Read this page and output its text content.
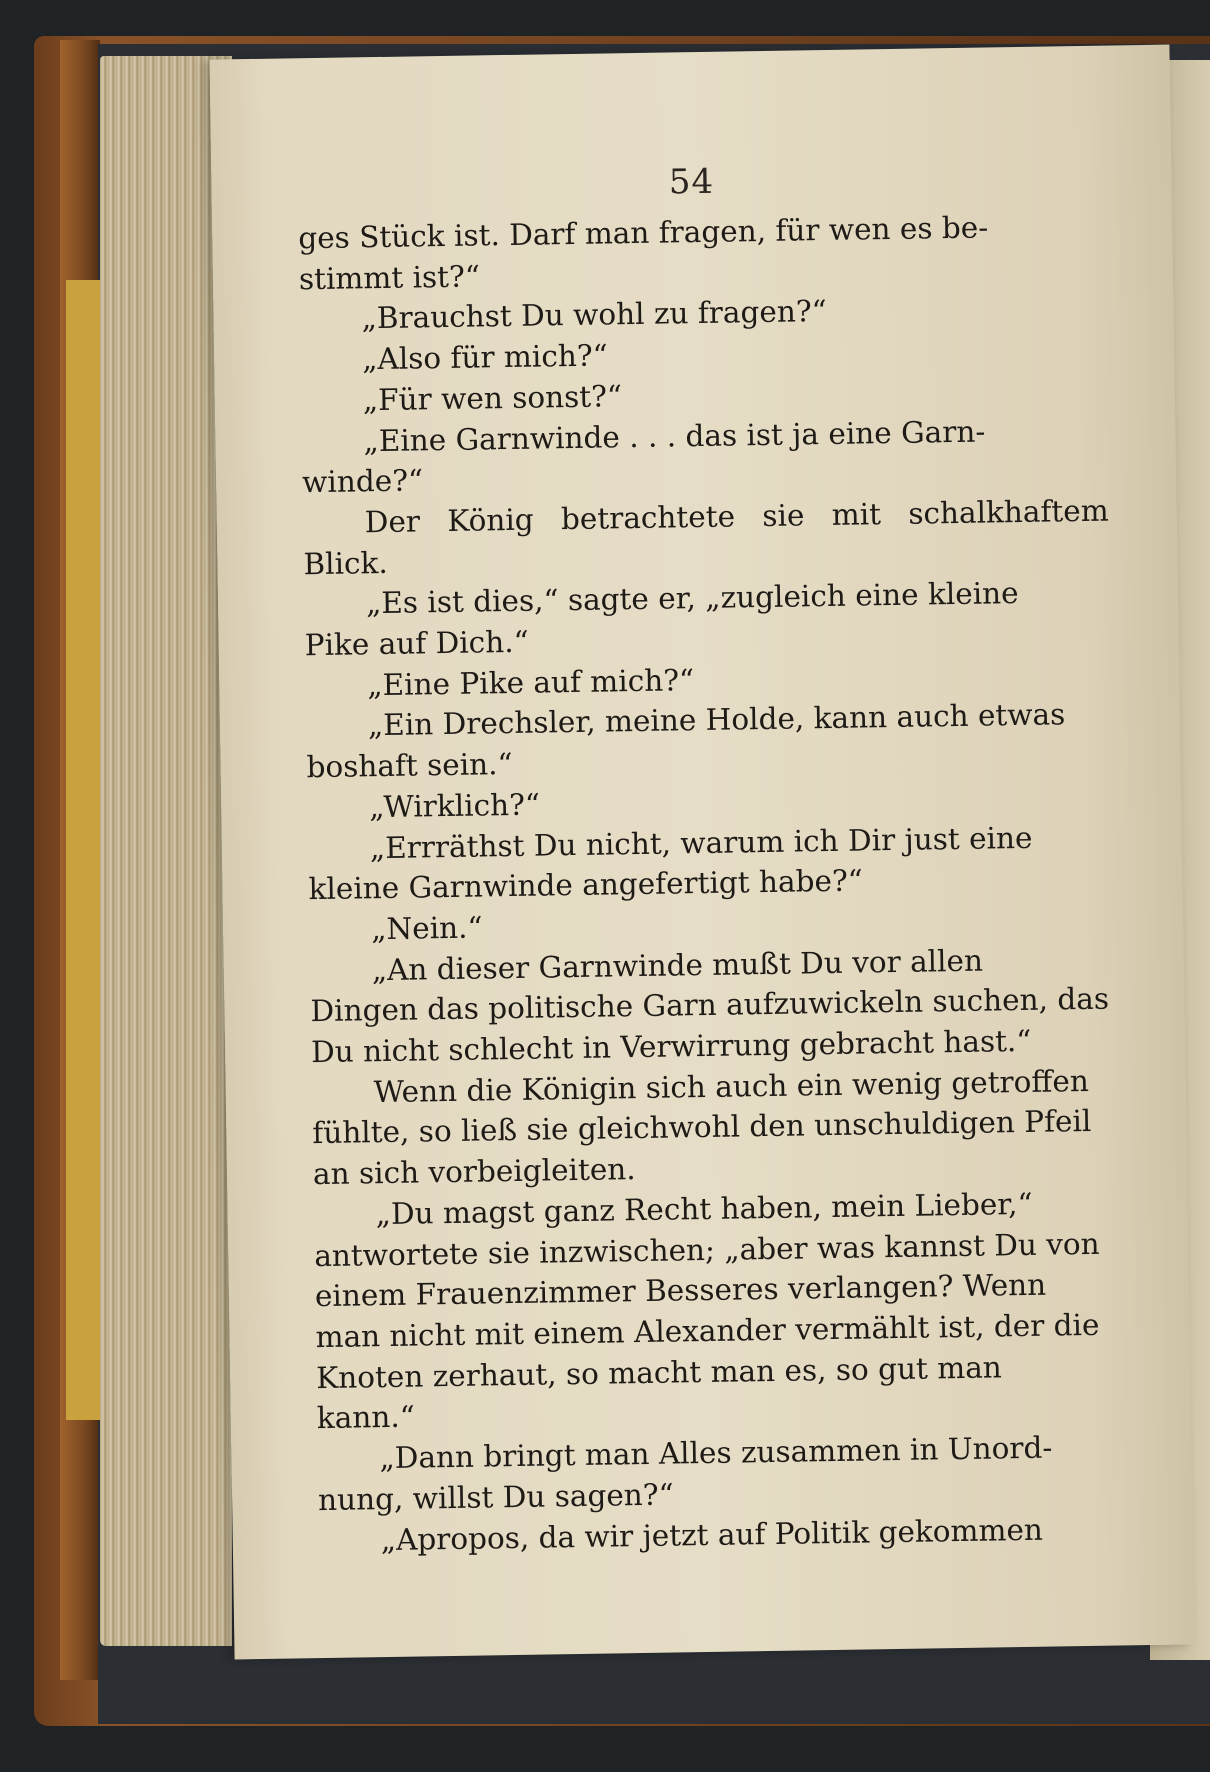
54

ges Stück ist. Darf man fragen, für wen es be-

stimmt ist?“

„Brauchst Du wohl zu fragen?“

„Also für mich?“

„Für wen sonst?“

„Eine Garnwinde . . . das ist ja eine Garn-

winde?“

Der König betrachtete sie mit schalkhaftem Blick.

„Es ist dies,“ sagte er, „zugleich eine kleine

Pike auf Dich.“

„Eine Pike auf mich?“

„Ein Drechsler, meine Holde, kann auch etwas

boshaft sein.“

„Wirklich?“

„Errräthst Du nicht, warum ich Dir just eine

kleine Garnwinde angefertigt habe?“

„Nein.“

„An dieser Garnwinde mußt Du vor allen

Dingen das politische Garn aufzuwickeln suchen, das

Du nicht schlecht in Verwirrung gebracht hast.“

Wenn die Königin sich auch ein wenig getroffen

fühlte, so ließ sie gleichwohl den unschuldigen Pfeil

an sich vorbeigleiten.

„Du magst ganz Recht haben, mein Lieber,“

antwortete sie inzwischen; „aber was kannst Du von

einem Frauenzimmer Besseres verlangen? Wenn

man nicht mit einem Alexander vermählt ist, der die

Knoten zerhaut, so macht man es, so gut man

kann.“

„Dann bringt man Alles zusammen in Unord-

nung, willst Du sagen?“

„Apropos, da wir jetzt auf Politik gekommen
